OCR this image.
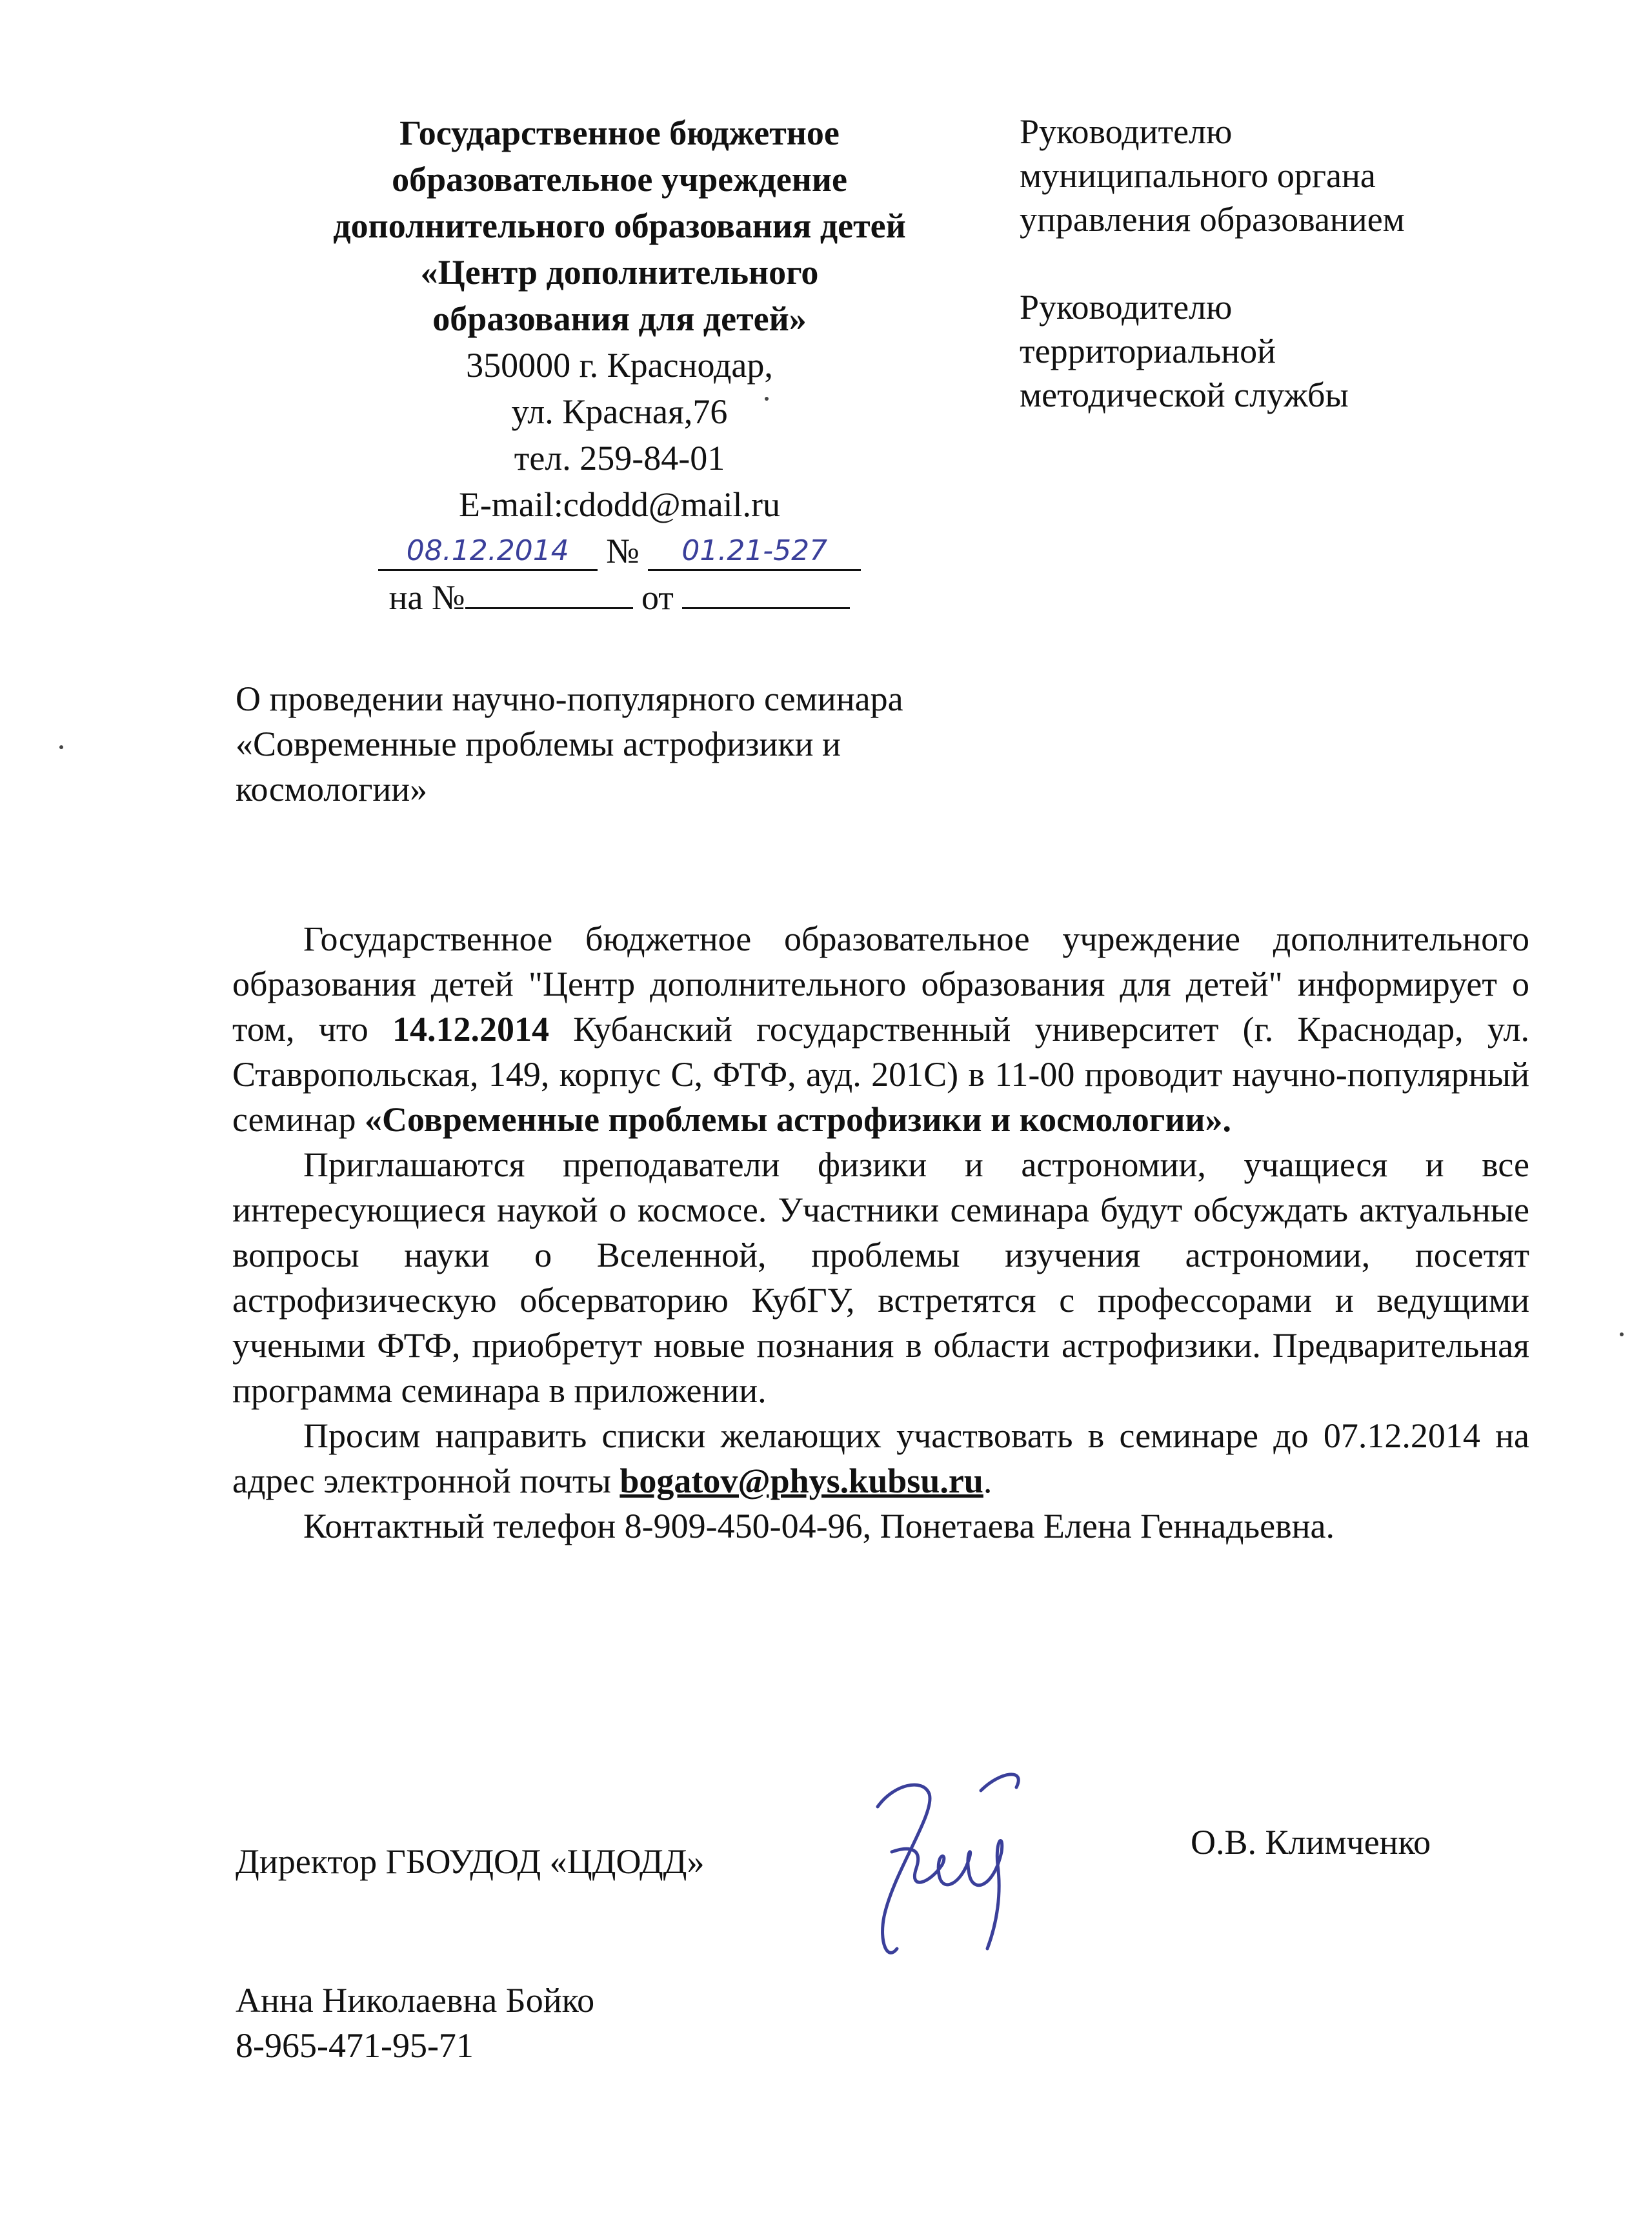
Государственное бюджетное
образовательное учреждение
дополнительного образования детей
«Центр дополнительного
образования для детей»
350000 г. Краснодар,
ул. Красная,76
тел. 259-84-01
E-mail:cdodd@mail.ru
08.12.2014 № 01.21-527
на №	от
Руководителю
муниципального органа
управления образованием
Руководителю
территориальной
методической службы
О проведении научно-популярного семинара
«Современные проблемы астрофизики и
космологии»

Государственное бюджетное образовательное учреждение дополнительного образования детей "Центр дополнительного образования для детей" информирует о том, что 14.12.2014 Кубанский государственный университет (г. Краснодар, ул. Ставропольская, 149, корпус С, ФТФ, ауд. 201С) в 11-00 проводит научно-популярный семинар «Современные проблемы астрофизики и космологии».

Приглашаются преподаватели физики и астрономии, учащиеся и все интересующиеся наукой о космосе. Участники семинара будут обсуждать актуальные вопросы науки о Вселенной, проблемы изучения астрономии, посетят астрофизическую обсерваторию КубГУ, встретятся с профессорами и ведущими учеными ФТФ, приобретут новые познания в области астрофизики. Предварительная программа семинара в приложении.

Просим направить списки желающих участвовать в семинаре до 07.12.2014 на адрес электронной почты bogatov@phys.kubsu.ru.

Контактный телефон 8-909-450-04-96, Понетаева Елена Геннадьевна.

Директор ГБОУДОД «ЦДОДД»	О.В. Климченко
Анна Николаевна Бойко
8-965-471-95-71
